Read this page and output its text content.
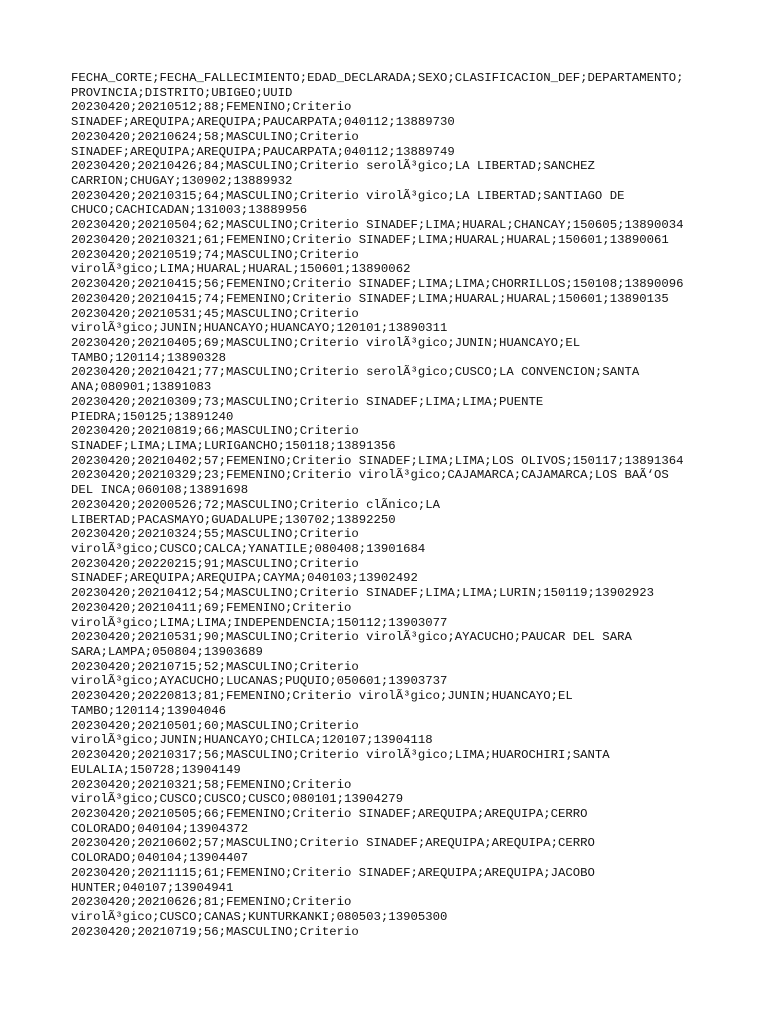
FECHA_CORTE;FECHA_FALLECIMIENTO;EDAD_DECLARADA;SEXO;CLASIFICACION_DEF;DEPARTAMENTO;
PROVINCIA;DISTRITO;UBIGEO;UUID
20230420;20210512;88;FEMENINO;Criterio
SINADEF;AREQUIPA;AREQUIPA;PAUCARPATA;040112;13889730
20230420;20210624;58;MASCULINO;Criterio
SINADEF;AREQUIPA;AREQUIPA;PAUCARPATA;040112;13889749
20230420;20210426;84;MASCULINO;Criterio serolÃ³gico;LA LIBERTAD;SANCHEZ
CARRION;CHUGAY;130902;13889932
20230420;20210315;64;MASCULINO;Criterio virolÃ³gico;LA LIBERTAD;SANTIAGO DE
CHUCO;CACHICADAN;131003;13889956
20230420;20210504;62;MASCULINO;Criterio SINADEF;LIMA;HUARAL;CHANCAY;150605;13890034
20230420;20210321;61;FEMENINO;Criterio SINADEF;LIMA;HUARAL;HUARAL;150601;13890061
20230420;20210519;74;MASCULINO;Criterio
virolÃ³gico;LIMA;HUARAL;HUARAL;150601;13890062
20230420;20210415;56;FEMENINO;Criterio SINADEF;LIMA;LIMA;CHORRILLOS;150108;13890096
20230420;20210415;74;FEMENINO;Criterio SINADEF;LIMA;HUARAL;HUARAL;150601;13890135
20230420;20210531;45;MASCULINO;Criterio
virolÃ³gico;JUNIN;HUANCAYO;HUANCAYO;120101;13890311
20230420;20210405;69;MASCULINO;Criterio virolÃ³gico;JUNIN;HUANCAYO;EL
TAMBO;120114;13890328
20230420;20210421;77;MASCULINO;Criterio serolÃ³gico;CUSCO;LA CONVENCION;SANTA
ANA;080901;13891083
20230420;20210309;73;MASCULINO;Criterio SINADEF;LIMA;LIMA;PUENTE
PIEDRA;150125;13891240
20230420;20210819;66;MASCULINO;Criterio
SINADEF;LIMA;LIMA;LURIGANCHO;150118;13891356
20230420;20210402;57;FEMENINO;Criterio SINADEF;LIMA;LIMA;LOS OLIVOS;150117;13891364
20230420;20210329;23;FEMENINO;Criterio virolÃ³gico;CAJAMARCA;CAJAMARCA;LOS BAÃ‘OS
DEL INCA;060108;13891698
20230420;20200526;72;MASCULINO;Criterio clÃnico;LA
LIBERTAD;PACASMAYO;GUADALUPE;130702;13892250
20230420;20210324;55;MASCULINO;Criterio
virolÃ³gico;CUSCO;CALCA;YANATILE;080408;13901684
20230420;20220215;91;MASCULINO;Criterio
SINADEF;AREQUIPA;AREQUIPA;CAYMA;040103;13902492
20230420;20210412;54;MASCULINO;Criterio SINADEF;LIMA;LIMA;LURIN;150119;13902923
20230420;20210411;69;FEMENINO;Criterio
virolÃ³gico;LIMA;LIMA;INDEPENDENCIA;150112;13903077
20230420;20210531;90;MASCULINO;Criterio virolÃ³gico;AYACUCHO;PAUCAR DEL SARA
SARA;LAMPA;050804;13903689
20230420;20210715;52;MASCULINO;Criterio
virolÃ³gico;AYACUCHO;LUCANAS;PUQUIO;050601;13903737
20230420;20220813;81;FEMENINO;Criterio virolÃ³gico;JUNIN;HUANCAYO;EL
TAMBO;120114;13904046
20230420;20210501;60;MASCULINO;Criterio
virolÃ³gico;JUNIN;HUANCAYO;CHILCA;120107;13904118
20230420;20210317;56;MASCULINO;Criterio virolÃ³gico;LIMA;HUAROCHIRI;SANTA
EULALIA;150728;13904149
20230420;20210321;58;FEMENINO;Criterio
virolÃ³gico;CUSCO;CUSCO;CUSCO;080101;13904279
20230420;20210505;66;FEMENINO;Criterio SINADEF;AREQUIPA;AREQUIPA;CERRO
COLORADO;040104;13904372
20230420;20210602;57;MASCULINO;Criterio SINADEF;AREQUIPA;AREQUIPA;CERRO
COLORADO;040104;13904407
20230420;20211115;61;FEMENINO;Criterio SINADEF;AREQUIPA;AREQUIPA;JACOBO
HUNTER;040107;13904941
20230420;20210626;81;FEMENINO;Criterio
virolÃ³gico;CUSCO;CANAS;KUNTURKANKI;080503;13905300
20230420;20210719;56;MASCULINO;Criterio
